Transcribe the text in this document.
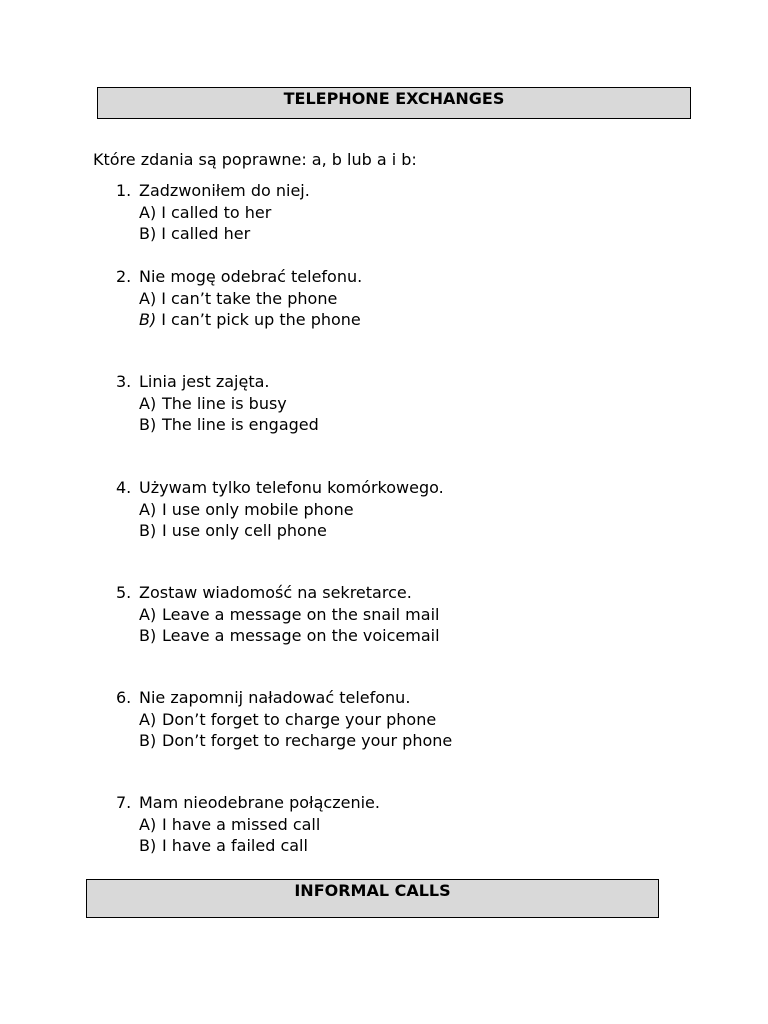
TELEPHONE EXCHANGES
Które zdania są poprawne: a, b lub a i b:
1. Zadzwoniłem do niej.
A) I called to her
B) I called her
2. Nie mogę odebrać telefonu.
A) I can’t take the phone
B) I can’t pick up the phone
3. Linia jest zajęta.
A) The line is busy
B) The line is engaged
4. Używam tylko telefonu komórkowego.
A) I use only mobile phone
B) I use only cell phone
5. Zostaw wiadomość na sekretarce.
A) Leave a message on the snail mail
B) Leave a message on the voicemail
6. Nie zapomnij naładować telefonu.
A) Don’t forget to charge your phone
B) Don’t forget to recharge your phone
7. Mam nieodebrane połączenie.
A) I have a missed call
B) I have a failed call
INFORMAL CALLS
